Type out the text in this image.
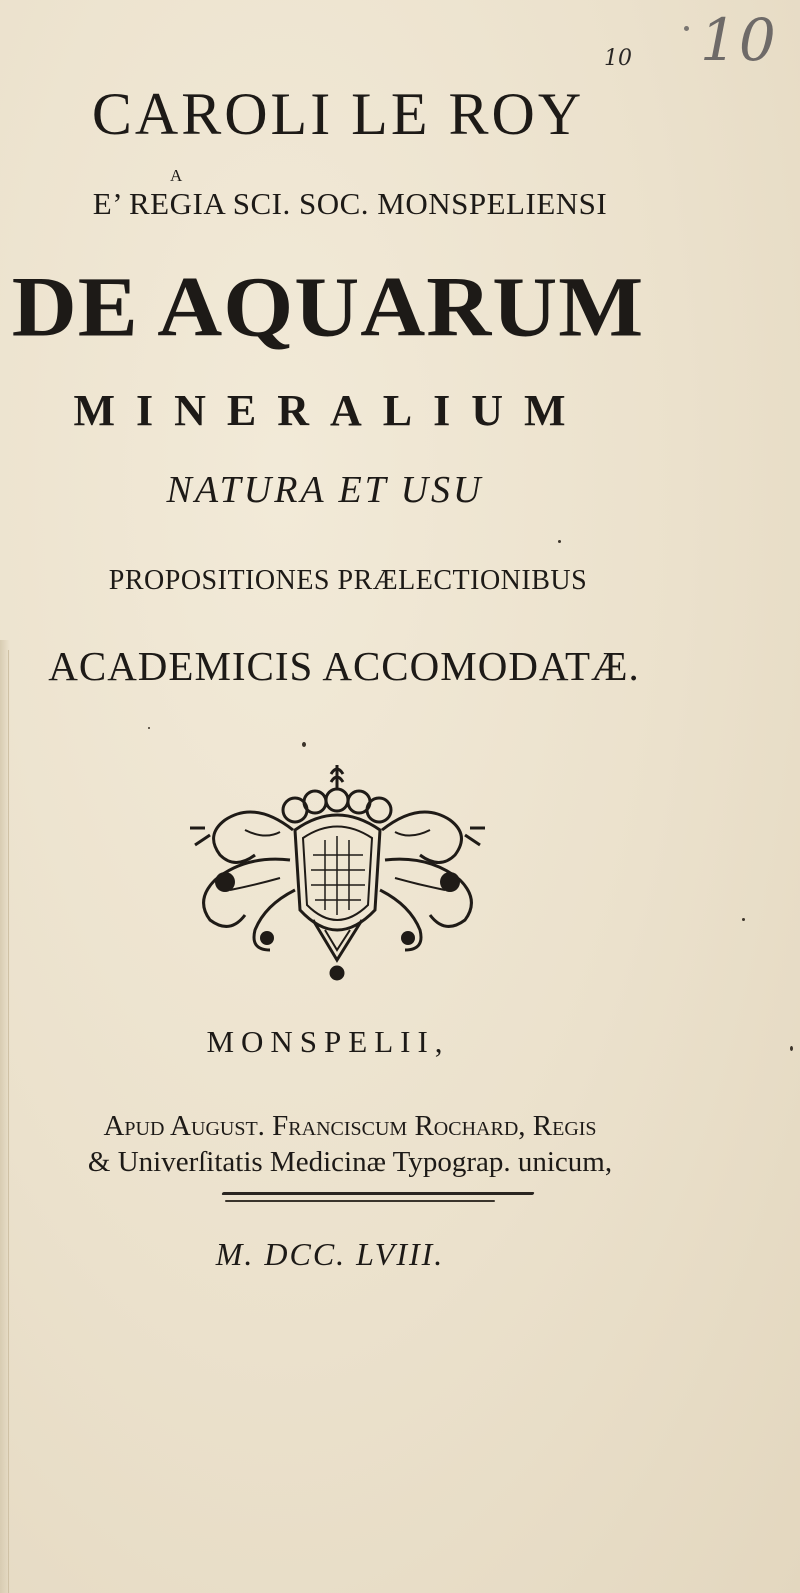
10
10
CAROLI LE ROY
A
E’ REGIA SCI. SOC. MONSPELIENSI
DE AQUARUM
MINERALIUM
NATURA ET USU
PROPOSITIONES PRÆLECTIONIBUS
ACADEMICIS ACCOMODATÆ.
MONSPELII,
Apud August. Franciscum Rochard, Regis
& Univerſitatis Medicinæ Typograp. unicum,
M. DCC. LVIII.
